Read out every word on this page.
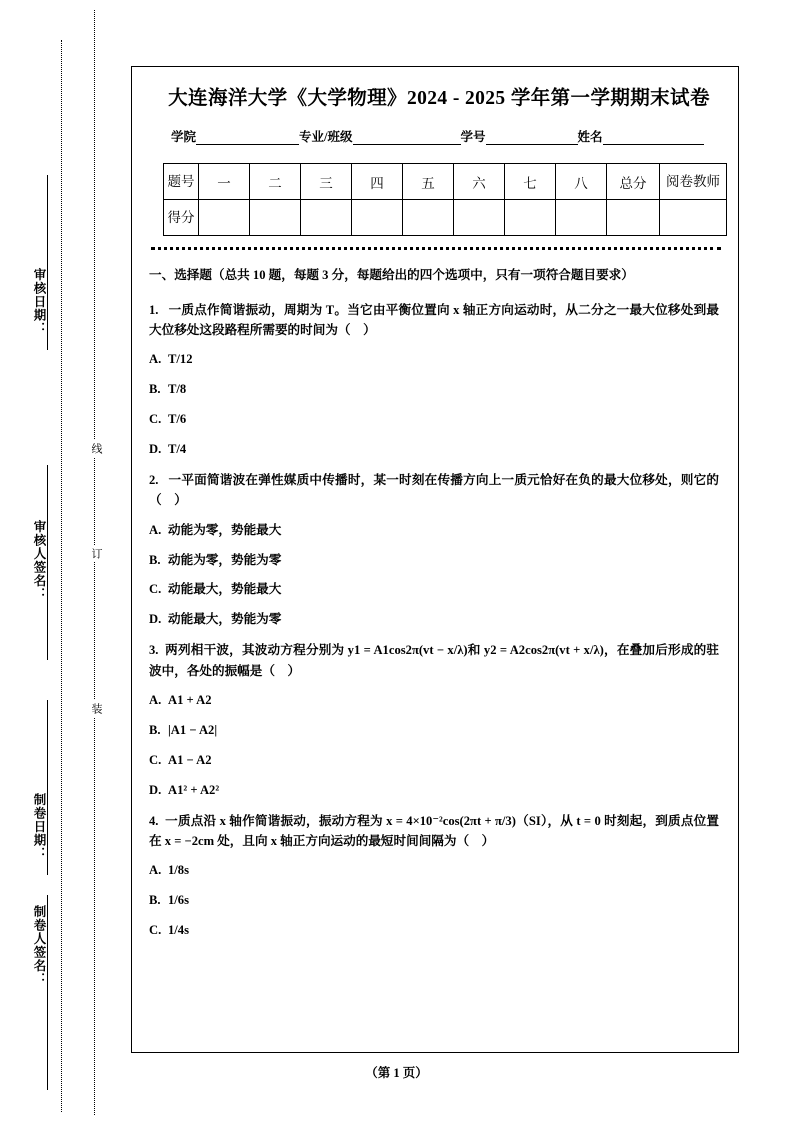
审核日期：
审核人签名：
制卷日期：
制卷人签名：
线
订
装
大连海洋大学《大学物理》2024 - 2025 学年第一学期期末试卷
学院	专业/班级	学号	姓名
题号	一	二	三	四	五	六	七	八	总分	阅卷教师
得分										
一、选择题（总共 10 题，每题 3 分，每题给出的四个选项中，只有一项符合题目要求）
1. 一质点作简谐振动，周期为 T。当它由平衡位置向 x 轴正方向运动时，从二分之一最大位移处到最大位移处这段路程所需要的时间为（　）
A. T/12
B. T/8
C. T/6
D. T/4
2. 一平面简谐波在弹性媒质中传播时，某一时刻在传播方向上一质元恰好在负的最大位移处，则它的（　）
A. 动能为零，势能最大
B. 动能为零，势能为零
C. 动能最大，势能最大
D. 动能最大，势能为零
3. 两列相干波，其波动方程分别为 y1 = A1cos2π(vt − x/λ)和 y2 = A2cos2π(vt + x/λ)，在叠加后形成的驻波中，各处的振幅是（　）
A. A1 + A2
B. |A1 − A2|
C. A1 − A2
D. A1² + A2²
4. 一质点沿 x 轴作简谐振动，振动方程为 x = 4×10⁻²cos(2πt + π/3)（SI），从 t = 0 时刻起，到质点位置在 x = −2cm 处，且向 x 轴正方向运动的最短时间间隔为（　）
A. 1/8s
B. 1/6s
C. 1/4s
（第 1 页）
